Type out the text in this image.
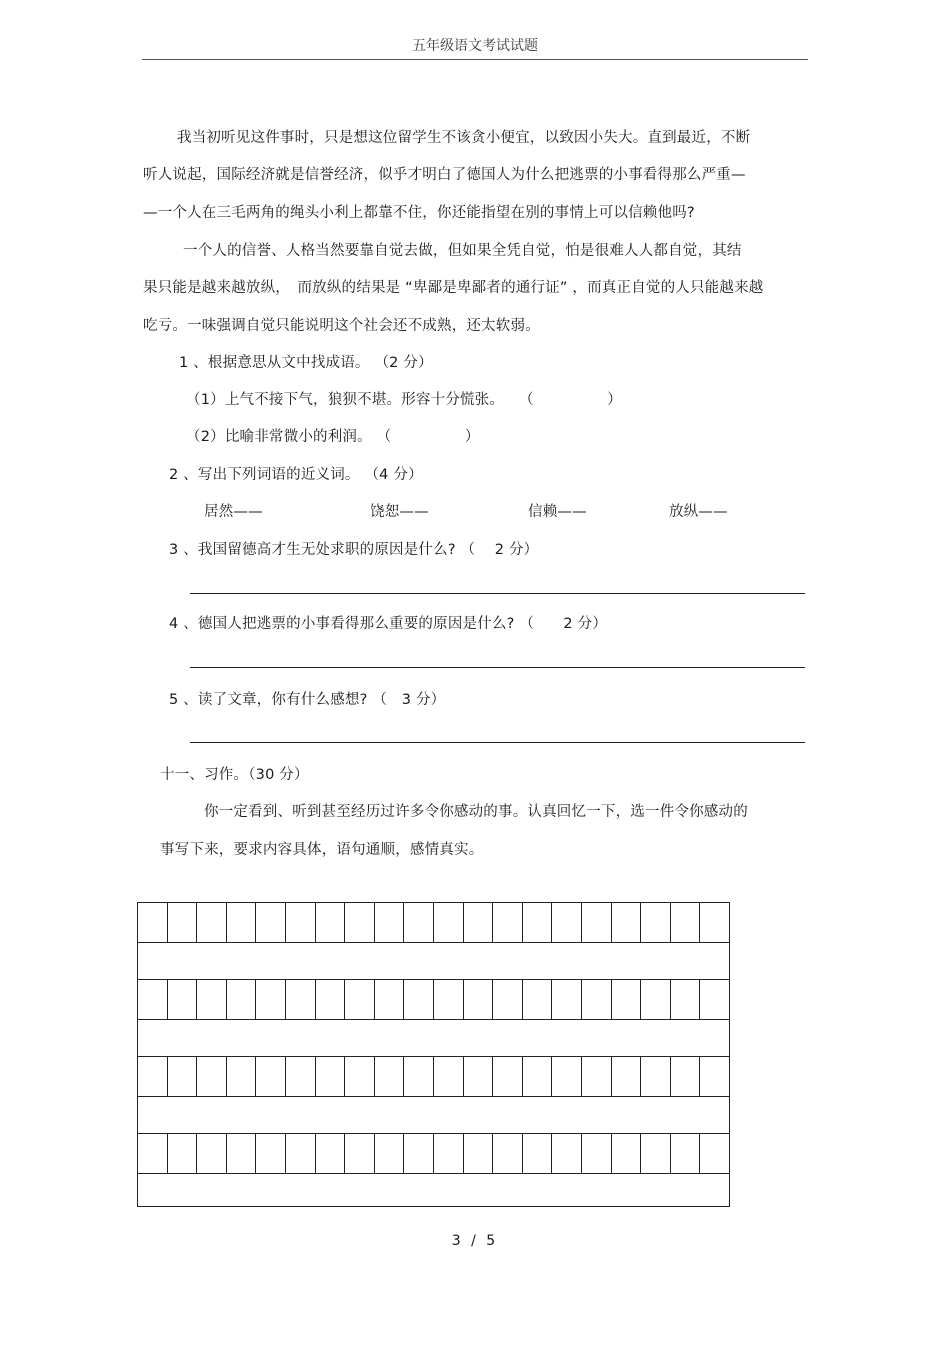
五年级语文考试试题
我当初听见这件事时，只是想这位留学生不该贪小便宜，以致因小失大。直到最近，不断
听人说起，国际经济就是信誉经济，似乎才明白了德国人为什么把逃票的小事看得那么严重—
—一个人在三毛两角的绳头小利上都靠不住，你还能指望在别的事情上可以信赖他吗?
一个人的信誉、人格当然要靠自觉去做，但如果全凭自觉，怕是很难人人都自觉，其结
果只能是越来越放纵，　而放纵的结果是 “卑鄙是卑鄙者的通行证” ，而真正自觉的人只能越来越
吃亏。一味强调自觉只能说明这个社会还不成熟，还太软弱。
1 、根据意思从文中找成语。 （2 分）
（1）上气不接下气，狼狈不堪。形容十分慌张。　　（　　　　　）
（2）比喻非常微小的利润。 （　　　　　）
2 、写出下列词语的近义词。 （4 分）
居然——	饶恕——	信赖——	放纵——
3 、我国留德高才生无处求职的原因是什么? （　 2 分）
4 、德国人把逃票的小事看得那么重要的原因是什么? （　　2 分）
5 、读了文章，你有什么感想? （　3 分）
十一、习作。（30 分）
你一定看到、听到甚至经历过许多令你感动的事。认真回忆一下，选一件令你感动的
事写下来，要求内容具体，语句通顺，感情真实。
3 / 5
